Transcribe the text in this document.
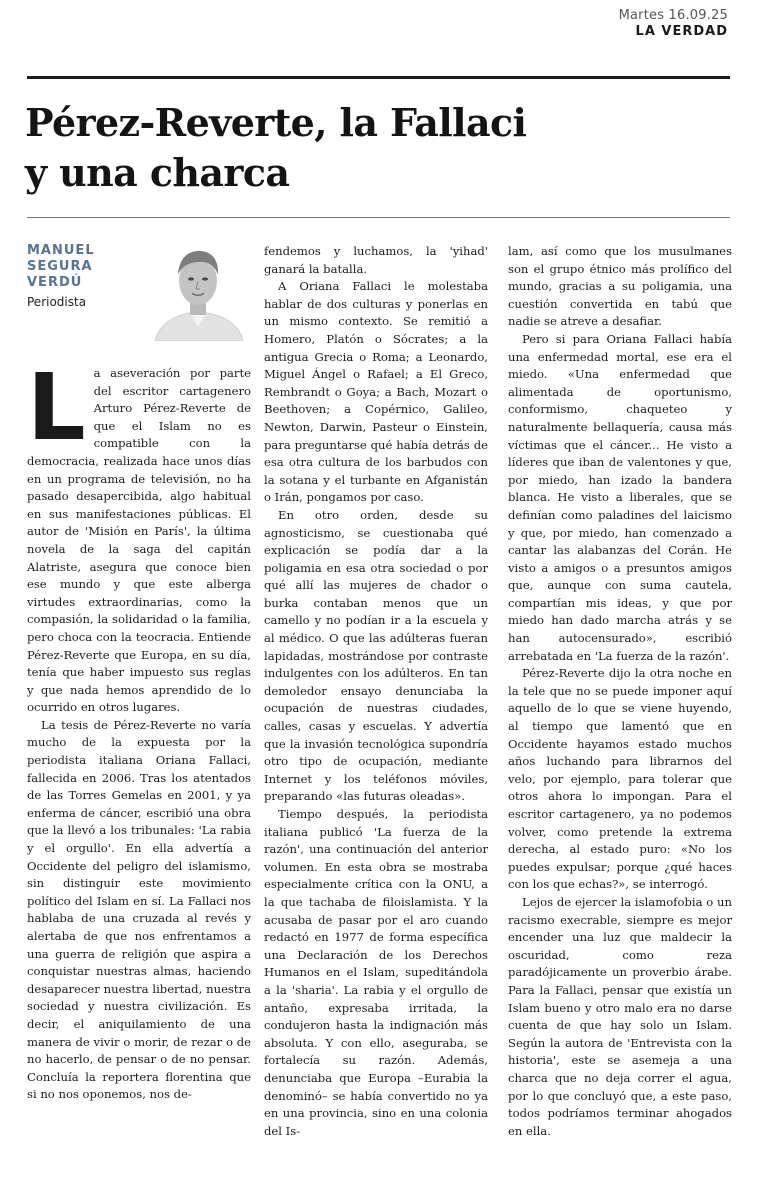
Martes 16.09.25
LA VERDAD
Pérez-Reverte, la Fallaci
y una charca
MANUEL
SEGURA
VERDÚ
Periodista

La aseveración por parte del escritor cartagenero Arturo Pérez-Reverte de que el Islam no es compatible con la democracia, realizada hace unos días en un programa de televisión, no ha pasado desapercibida, algo habitual en sus manifestaciones públicas. El autor de 'Misión en París', la última novela de la saga del capitán Alatriste, asegura que conoce bien ese mundo y que este alberga virtudes extraordinarias, como la compasión, la solidaridad o la familia, pero choca con la teocracia. Entiende Pérez-Reverte que Europa, en su día, tenía que haber impuesto sus reglas y que nada hemos aprendido de lo ocurrido en otros lugares.

La tesis de Pérez-Reverte no varía mucho de la expuesta por la periodista italiana Oriana Fallaci, fallecida en 2006. Tras los atentados de las Torres Gemelas en 2001, y ya enferma de cáncer, escribió una obra que la llevó a los tribunales: 'La rabia y el orgullo'. En ella advertía a Occidente del peligro del islamismo, sin distinguir este movimiento político del Islam en sí. La Fallaci nos hablaba de una cruzada al revés y alertaba de que nos enfrentamos a una guerra de religión que aspira a conquistar nuestras almas, haciendo desaparecer nuestra libertad, nuestra sociedad y nuestra civilización. Es decir, el aniquilamiento de una manera de vivir o morir, de rezar o de no hacerlo, de pensar o de no pensar. Concluía la reportera florentina que si no nos oponemos, nos de-

fendemos y luchamos, la 'yihad' ganará la batalla.

A Oriana Fallaci le molestaba hablar de dos culturas y ponerlas en un mismo contexto. Se remitió a Homero, Platón o Sócrates; a la antigua Grecia o Roma; a Leonardo, Miguel Ángel o Rafael; a El Greco, Rembrandt o Goya; a Bach, Mozart o Beethoven; a Copérnico, Galileo, Newton, Darwin, Pasteur o Einstein, para preguntarse qué había detrás de esa otra cultura de los barbudos con la sotana y el turbante en Afganistán o Irán, pongamos por caso.

En otro orden, desde su agnosticismo, se cuestionaba qué explicación se podía dar a la poligamia en esa otra sociedad o por qué allí las mujeres de chador o burka contaban menos que un camello y no podían ir a la escuela y al médico. O que las adúlteras fueran lapidadas, mostrándose por contraste indulgentes con los adúlteros. En tan demoledor ensayo denunciaba la ocupación de nuestras ciudades, calles, casas y escuelas. Y advertía que la invasión tecnológica supondría otro tipo de ocupación, mediante Internet y los teléfonos móviles, preparando «las futuras oleadas».

Tiempo después, la periodista italiana publicó 'La fuerza de la razón', una continuación del anterior volumen. En esta obra se mostraba especialmente crítica con la ONU, a la que tachaba de filoislamista. Y la acusaba de pasar por el aro cuando redactó en 1977 de forma específica una Declaración de los Derechos Humanos en el Islam, supeditándola a la 'sharia'. La rabia y el orgullo de antaño, expresaba irritada, la condujeron hasta la indignación más absoluta. Y con ello, aseguraba, se fortalecía su razón. Además, denunciaba que Europa –Eurabia la denominó– se había convertido no ya en una provincia, sino en una colonia del Is-

lam, así como que los musulmanes son el grupo étnico más prolífico del mundo, gracias a su poligamia, una cuestión convertida en tabú que nadie se atreve a desafiar.

Pero si para Oriana Fallaci había una enfermedad mortal, ese era el miedo. «Una enfermedad que alimentada de oportunismo, conformismo, chaqueteo y naturalmente bellaquería, causa más víctimas que el cáncer... He visto a líderes que iban de valentones y que, por miedo, han izado la bandera blanca. He visto a liberales, que se definían como paladines del laicismo y que, por miedo, han comenzado a cantar las alabanzas del Corán. He visto a amigos o a presuntos amigos que, aunque con suma cautela, compartían mis ideas, y que por miedo han dado marcha atrás y se han autocensurado», escribió arrebatada en 'La fuerza de la razón'.

Pérez-Reverte dijo la otra noche en la tele que no se puede imponer aquí aquello de lo que se viene huyendo, al tiempo que lamentó que en Occidente hayamos estado muchos años luchando para librarnos del velo, por ejemplo, para tolerar que otros ahora lo impongan. Para el escritor cartagenero, ya no podemos volver, como pretende la extrema derecha, al estado puro: «No los puedes expulsar; porque ¿qué haces con los que echas?», se interrogó.

Lejos de ejercer la islamofobia o un racismo execrable, siempre es mejor encender una luz que maldecir la oscuridad, como reza paradójicamente un proverbio árabe. Para la Fallaci, pensar que existía un Islam bueno y otro malo era no darse cuenta de que hay solo un Islam. Según la autora de 'Entrevista con la historia', este se asemeja a una charca que no deja correr el agua, por lo que concluyó que, a este paso, todos podríamos terminar ahogados en ella.
